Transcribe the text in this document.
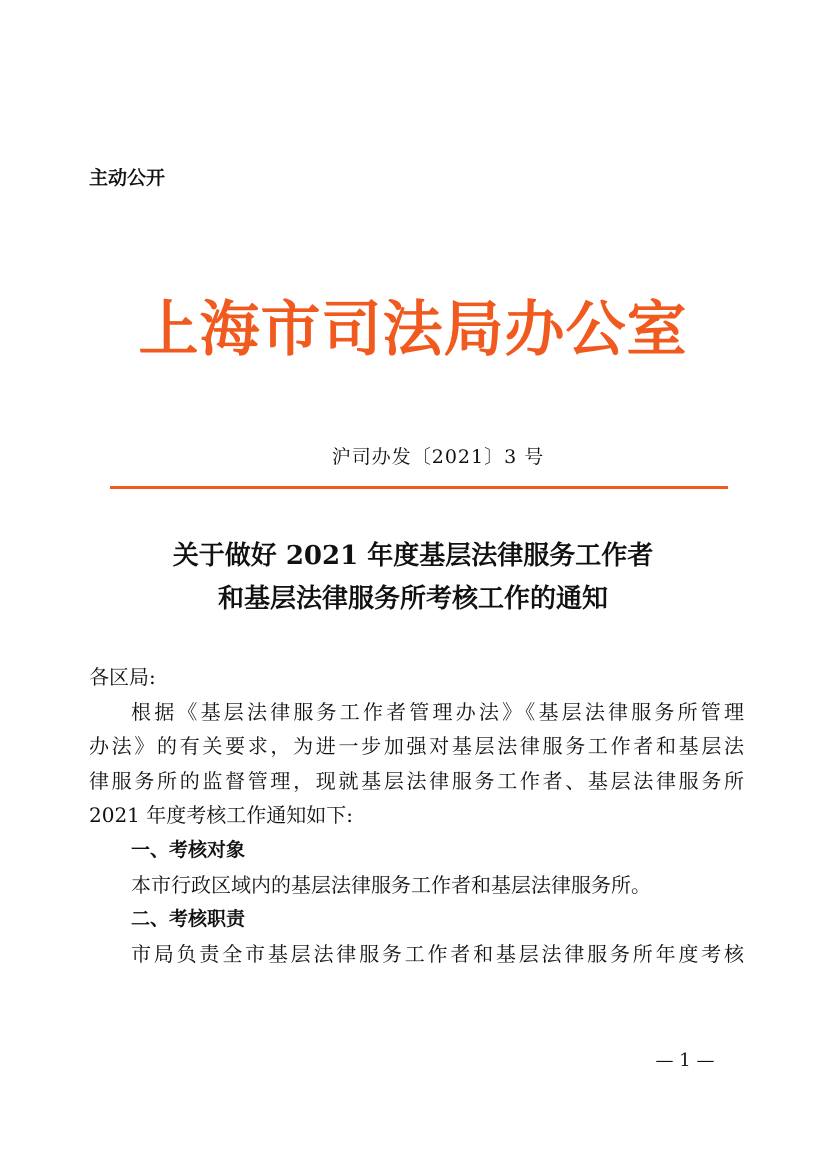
主动公开
上海市司法局办公室
沪司办发〔2021〕3 号
关于做好 2021 年度基层法律服务工作者
和基层法律服务所考核工作的通知

各区局:

根据《基层法律服务工作者管理办法》《基层法律服务所管理

办法》的有关要求，为进一步加强对基层法律服务工作者和基层法

律服务所的监督管理，现就基层法律服务工作者、基层法律服务所

2021 年度考核工作通知如下:

一、考核对象

本市行政区域内的基层法律服务工作者和基层法律服务所。

二、考核职责

市局负责全市基层法律服务工作者和基层法律服务所年度考核

— 1 —
